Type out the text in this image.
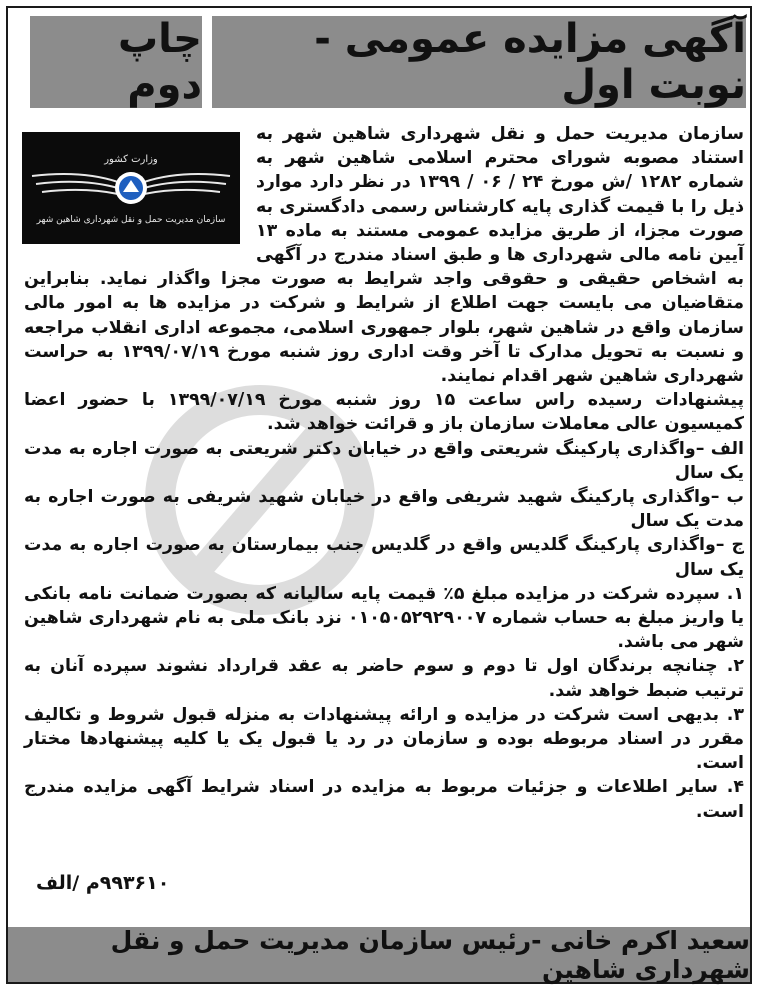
آگهی مزایده عمومی - نوبت اول
چاپ دوم
وزارت کشور
سازمان مدیریت حمل و نقل شهرداری شاهین شهر

سازمان مدیریت حمل و نقل شهرداری شاهین شهر به استناد مصوبه شورای محترم اسلامی شاهین شهر به شماره ۱۲۸۲ /ش مورخ ۲۴ / ۰۶ / ۱۳۹۹ در نظر دارد موارد ذیل را با قیمت گذاری پایه کارشناس رسمی دادگستری به صورت مجزا، از طریق مزایده عمومی مستند به ماده ۱۳ آیین نامه مالی شهرداری ها و طبق اسناد مندرج در آگهی به اشخاص حقیقی و حقوقی واجد شرایط به صورت مجزا واگذار نماید. بنابراین متقاضیان می بایست جهت اطلاع از شرایط و شرکت در مزایده ها به امور مالی سازمان واقع در شاهین شهر، بلوار جمهوری اسلامی، مجموعه اداری انقلاب مراجعه و نسبت به تحویل مدارک تا آخر وقت اداری روز شنبه مورخ ۱۳۹۹/۰۷/۱۹ به حراست شهرداری شاهین شهر اقدام نمایند.

پیشنهادات رسیده راس ساعت ۱۵ روز شنبه مورخ ۱۳۹۹/۰۷/۱۹ با حضور اعضا کمیسیون عالی معاملات سازمان باز و قرائت خواهد شد.

الف –واگذاری پارکینگ شریعتی واقع در خیابان دکتر شریعتی به صورت اجاره به مدت یک سال

ب –واگذاری پارکینگ شهید شریفی واقع در خیابان شهید شریفی به صورت اجاره به مدت یک سال

ج –واگذاری پارکینگ گلدیس واقع در گلدیس جنب بیمارستان به صورت اجاره به مدت یک سال

۱. سپرده شرکت در مزایده مبلغ ۵٪ قیمت پایه سالیانه که بصورت ضمانت نامه بانکی یا واریز مبلغ به حساب شماره ۰۱۰۵۰۵۲۹۲۹۰۰۷ نزد بانک ملی به نام شهرداری شاهین شهر می باشد.

۲. چنانچه برندگان اول تا دوم و سوم حاضر به عقد قرارداد نشوند سپرده آنان به ترتیب ضبط خواهد شد.

۳. بدیهی است شرکت در مزایده و ارائه پیشنهادات به منزله قبول شروط و تکالیف مقرر در اسناد مربوطه بوده و سازمان در رد یا قبول یک یا کلیه پیشنهادها مختار است.

۴. سایر اطلاعات و جزئیات مربوط به مزایده در اسناد شرایط آگهی مزایده مندرج است.

۹۹۳۶۱۰م /الف
سعید اکرم خانی -رئیس سازمان مدیریت حمل و نقل شهرداری شاهین
